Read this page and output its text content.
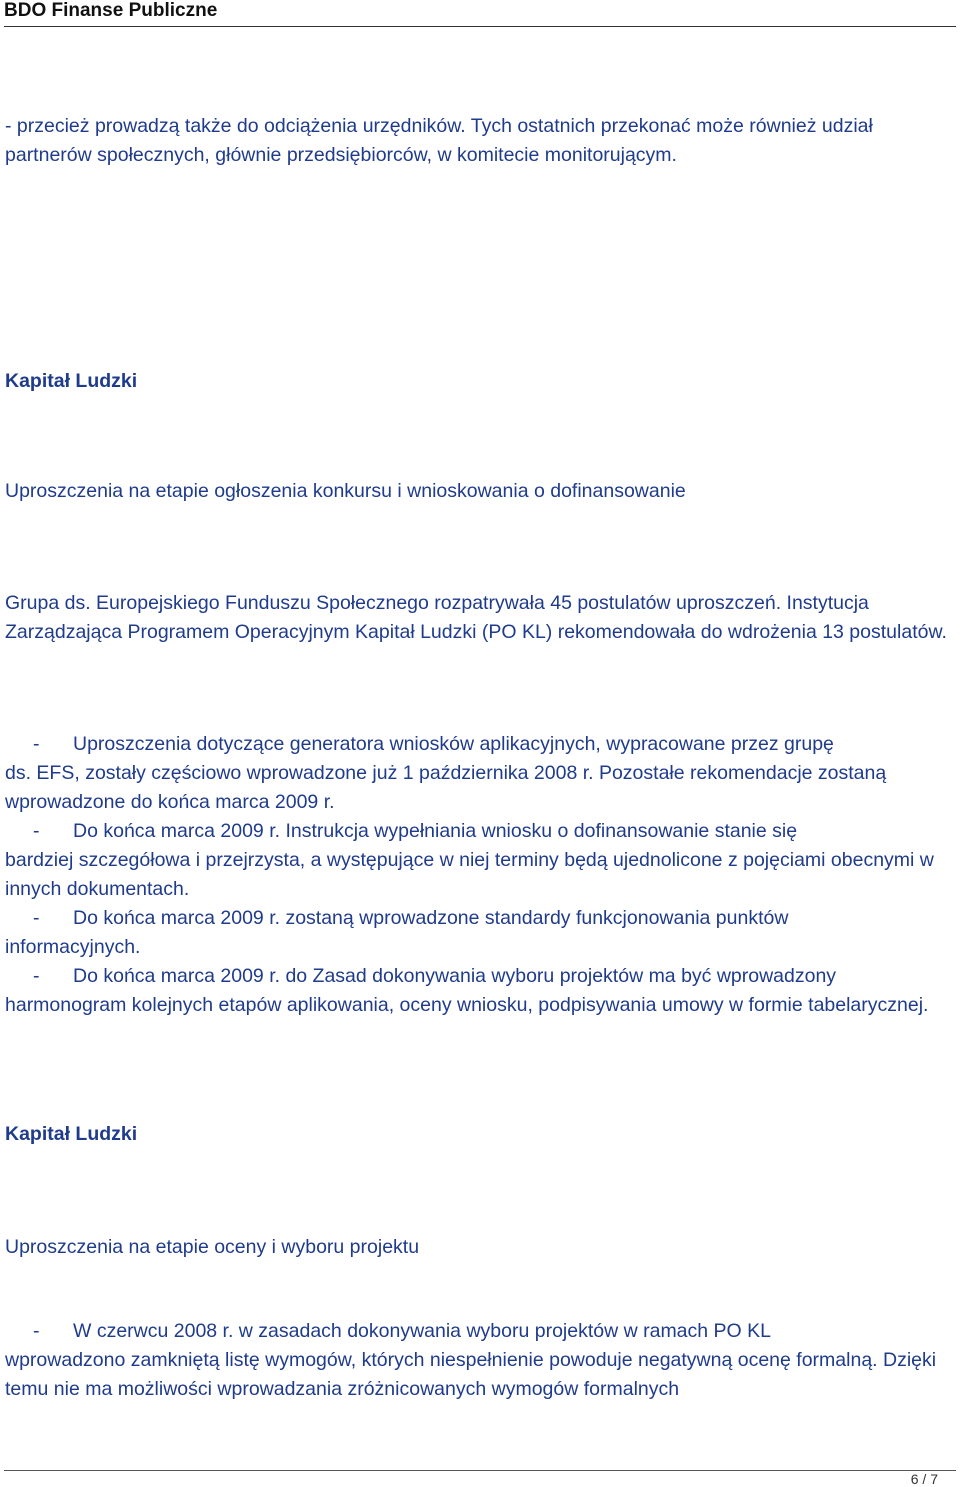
BDO Finanse Publiczne

- przecież prowadzą także do odciążenia urzędników. Tych ostatnich przekonać może również udział partnerów społecznych, głównie przedsiębiorców, w komitecie monitorującym.

Kapitał Ludzki

Uproszczenia na etapie ogłoszenia konkursu i wnioskowania o dofinansowanie

Grupa ds. Europejskiego Funduszu Społecznego rozpatrywała 45 postulatów uproszczeń. Instytucja Zarządzająca Programem Operacyjnym Kapitał Ludzki (PO KL) rekomendowała do wdrożenia 13 postulatów.

- Uproszczenia dotyczące generatora wniosków aplikacyjnych, wypracowane przez grupę
ds. EFS, zostały częściowo wprowadzone już 1 października 2008 r. Pozostałe rekomendacje zostaną wprowadzone do końca marca 2009 r.
- Do końca marca 2009 r. Instrukcja wypełniania wniosku o dofinansowanie stanie się
bardziej szczegółowa i przejrzysta, a występujące w niej terminy będą ujednolicone z pojęciami obecnymi w innych dokumentach.
- Do końca marca 2009 r. zostaną wprowadzone standardy funkcjonowania punktów
informacyjnych.
- Do końca marca 2009 r. do Zasad dokonywania wyboru projektów ma być wprowadzony
harmonogram kolejnych etapów aplikowania, oceny wniosku, podpisywania umowy w formie tabelarycznej.

Kapitał Ludzki

Uproszczenia na etapie oceny i wyboru projektu

- W czerwcu 2008 r. w zasadach dokonywania wyboru projektów w ramach PO KL
wprowadzono zamkniętą listę wymogów, których niespełnienie powoduje negatywną ocenę formalną. Dzięki temu nie ma możliwości wprowadzania zróżnicowanych wymogów formalnych
6 / 7
